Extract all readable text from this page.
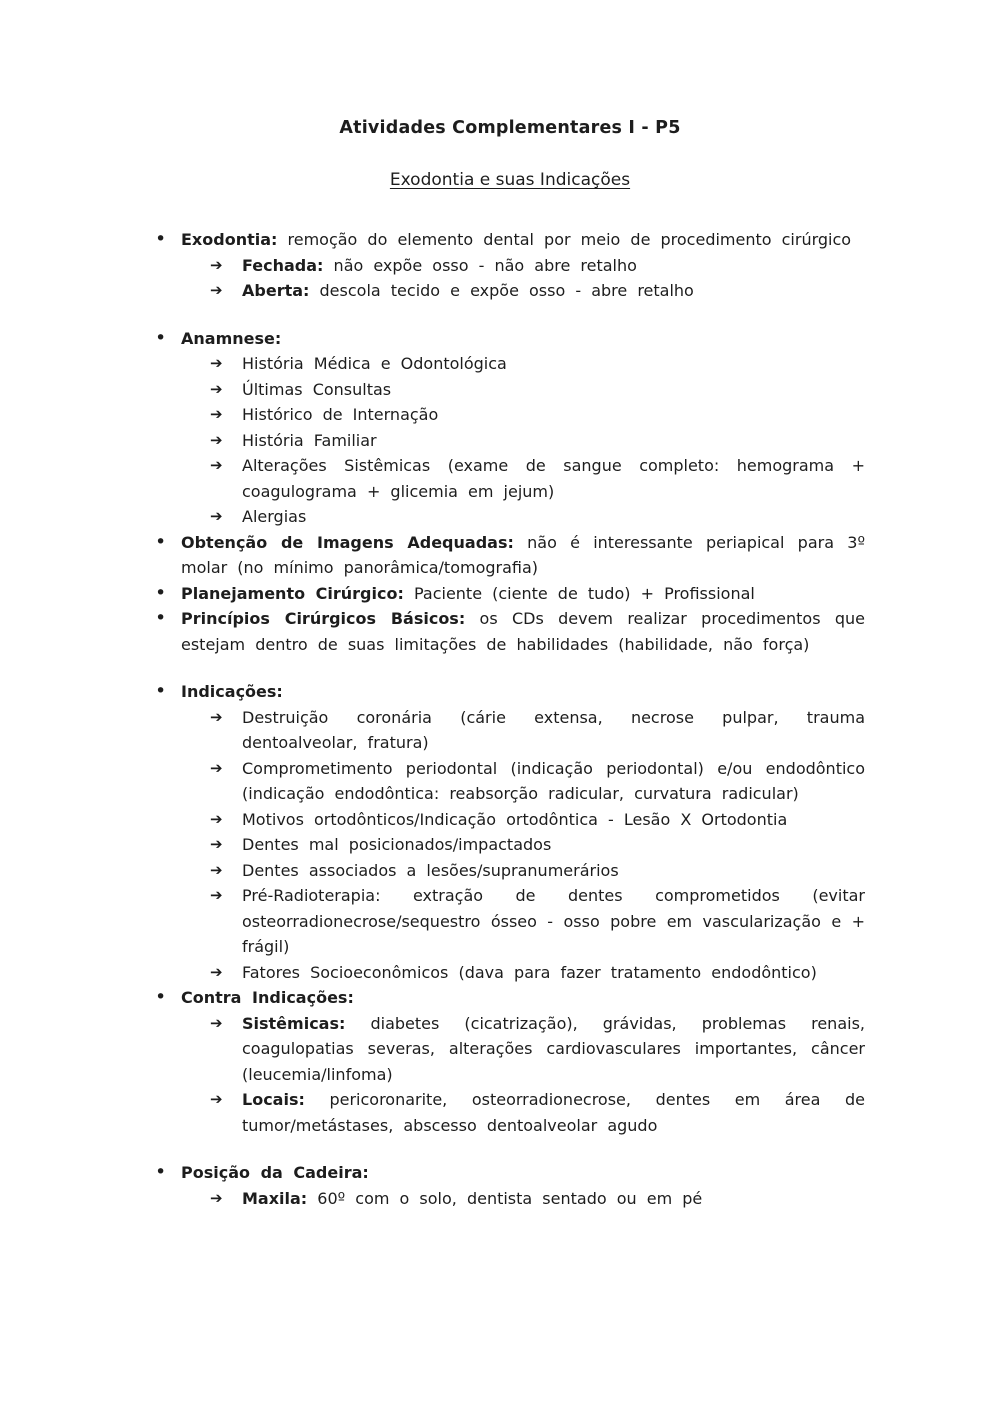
Atividades Complementares I - P5
Exodontia e suas Indicações
• Exodontia: remoção do elemento dental por meio de procedimento cirúrgico

➔	Fechada: não expõe osso - não abre retalho

➔	Aberta: descola tecido e expõe osso - abre retalho

• Anamnese:

➔	História Médica e Odontológica

➔	Últimas Consultas

➔	Histórico de Internação

➔	História Familiar

➔	Alterações Sistêmicas (exame de sangue completo: hemograma + coagulograma + glicemia em jejum)

➔	Alergias

• Obtenção de Imagens Adequadas: não é interessante periapical para 3º molar (no mínimo panorâmica/tomografia)

• Planejamento Cirúrgico: Paciente (ciente de tudo) + Profissional

• Princípios Cirúrgicos Básicos: os CDs devem realizar procedimentos que estejam dentro de suas limitações de habilidades (habilidade, não força)

• Indicações:

➔	Destruição coronária (cárie extensa, necrose pulpar, trauma dentoalveolar, fratura)

➔	Comprometimento periodontal (indicação periodontal) e/ou endodôntico (indicação endodôntica: reabsorção radicular, curvatura radicular)

➔	Motivos ortodônticos/Indicação ortodôntica - Lesão X Ortodontia

➔	Dentes mal posicionados/impactados

➔	Dentes associados a lesões/supranumerários

➔	Pré-Radioterapia: extração de dentes comprometidos (evitar osteorradionecrose/sequestro ósseo - osso pobre em vascularização e + frágil)

➔	Fatores Socioeconômicos (dava para fazer tratamento endodôntico)

• Contra Indicações:

➔	Sistêmicas: diabetes (cicatrização), grávidas, problemas renais, coagulopatias severas, alterações cardiovasculares importantes, câncer (leucemia/linfoma)

➔	Locais: pericoronarite, osteorradionecrose, dentes em área de tumor/metástases, abscesso dentoalveolar agudo

• Posição da Cadeira:

➔	Maxila: 60º com o solo, dentista sentado ou em pé
